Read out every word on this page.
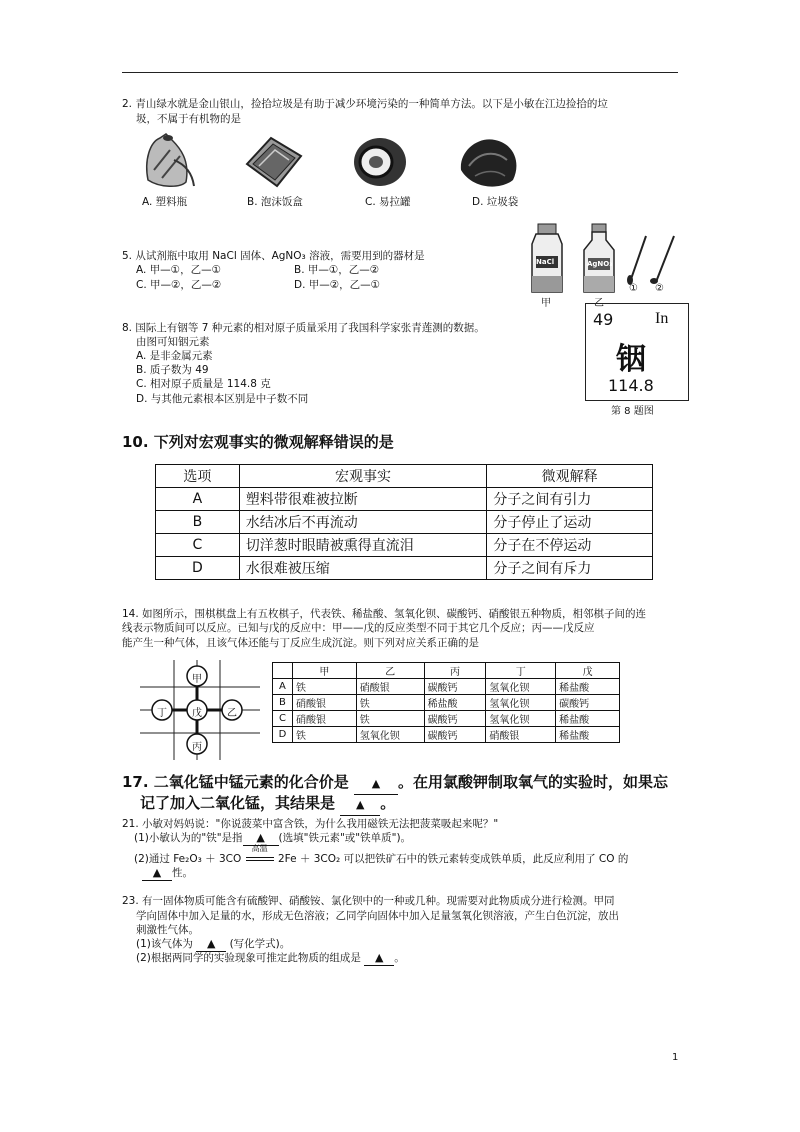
2. 青山绿水就是金山银山，捡拾垃圾是有助于减少环境污染的一种简单方法。以下是小敏在江边捡拾的垃
圾，不属于有机物的是
A. 塑料瓶	B. 泡沫饭盒	C. 易拉罐	D. 垃圾袋
5. 从试剂瓶中取用 NaCl 固体、AgNO₃ 溶液，需要用到的器材是
A. 甲—①，乙—①	B. 甲—①，乙—②
C. 甲—②，乙—②	D. 甲—②，乙—①
NaCl	AgNO₃
甲	乙
① ②
8. 国际上有铟等 7 种元素的相对原子质量采用了我国科学家张青莲测的数据。
由图可知铟元素
A. 是非金属元素
B. 质子数为 49
C. 相对原子质量是 114.8 克
D. 与其他元素根本区别是中子数不同
49	In
铟
114.8
第 8 题图
10. 下列对宏观事实的微观解释错误的是
选项	宏观事实	微观解释
A	塑料带很难被拉断	分子之间有引力
B	水结冰后不再流动	分子停止了运动
C	切洋葱时眼睛被熏得直流泪	分子在不停运动
D	水很难被压缩	分子之间有斥力
14. 如图所示，围棋棋盘上有五枚棋子，代表铁、稀盐酸、氢氧化钡、碳酸钙、硝酸银五种物质，相邻棋子间的连
线表示物质间可以反应。已知与戊的反应中：甲——戊的反应类型不同于其它几个反应；丙——戊反应
能产生一种气体，且该气体还能与丁反应生成沉淀。则下列对应关系正确的是
甲
丁	戊	乙
丙
	甲	乙	丙	丁	戊
A	铁	硝酸银	碳酸钙	氢氧化钡	稀盐酸
B	硝酸银	铁	稀盐酸	氢氧化钡	碳酸钙
C	硝酸银	铁	碳酸钙	氢氧化钡	稀盐酸
D	铁	氢氧化钡	碳酸钙	硝酸银	稀盐酸
17. 二氧化锰中锰元素的化合价是 ▲ 。在用氯酸钾制取氧气的实验时，如果忘
记了加入二氧化锰，其结果是 ▲ 。
21. 小敏对妈妈说："你说菠菜中富含铁，为什么我用磁铁无法把菠菜吸起来呢？"
(1)小敏认为的"铁"是指 ▲ (选填"铁元素"或"铁单质")。
(2)通过 Fe₂O₃ ＋ 3CO
高温
2Fe ＋ 3CO₂ 可以把铁矿石中的铁元素转变成铁单质，此反应利用了 CO 的
▲ 性。
23. 有一固体物质可能含有硫酸钾、硝酸铵、氯化钡中的一种或几种。现需要对此物质成分进行检测。甲同
学向固体中加入足量的水，形成无色溶液；乙同学向固体中加入足量氢氧化钡溶液，产生白色沉淀，放出
刺激性气体。
(1)该气体为 ▲ (写化学式)。
(2)根据两同学的实验现象可推定此物质的组成是 ▲ 。
1
